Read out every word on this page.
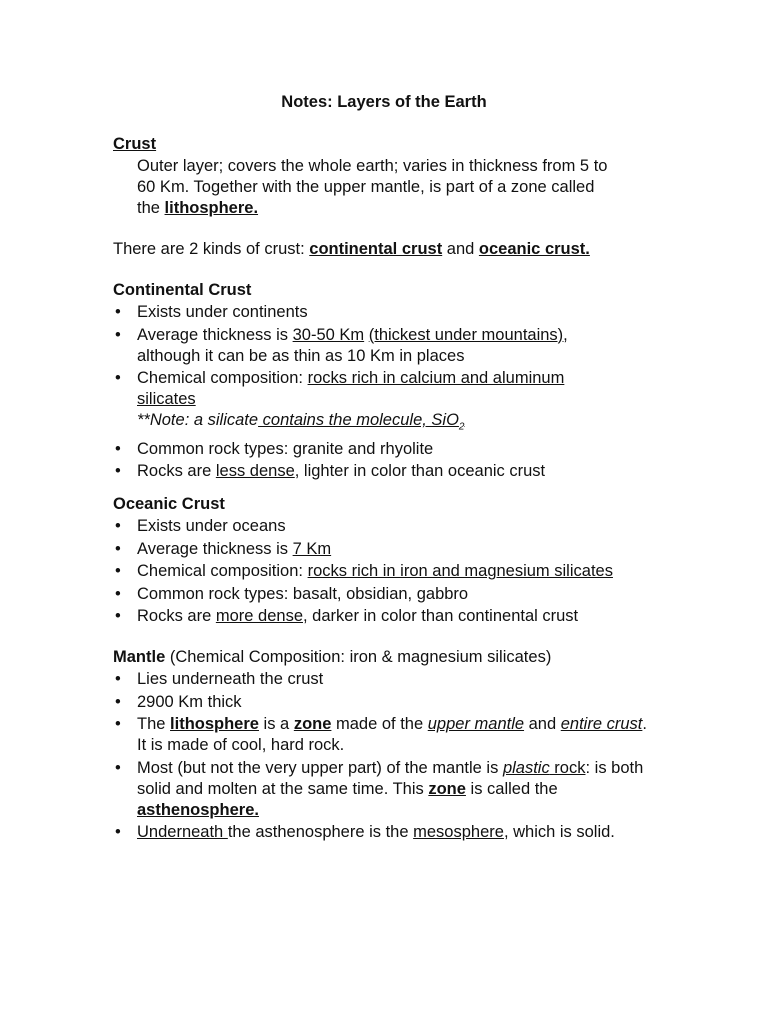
Notes: Layers of the Earth

Crust

Outer layer; covers the whole earth; varies in thickness from 5 to
60 Km. Together with the upper mantle, is part of a zone called
the lithosphere.

There are 2 kinds of crust: continental crust and oceanic crust.

Continental Crust

• Exists under continents
• Average thickness is 30-50 Km (thickest under mountains),
although it can be as thin as 10 Km in places
• Chemical composition: rocks rich in calcium and aluminum
silicates
**Note: a silicate contains the molecule, SiO$_2$
• Common rock types: granite and rhyolite
• Rocks are less dense, lighter in color than oceanic crust

Oceanic Crust

• Exists under oceans
• Average thickness is 7 Km
• Chemical composition: rocks rich in iron and magnesium silicates
• Common rock types: basalt, obsidian, gabbro
• Rocks are more dense, darker in color than continental crust

Mantle (Chemical Composition: iron & magnesium silicates)

• Lies underneath the crust
• 2900 Km thick
• The lithosphere is a zone made of the upper mantle and entire crust. It is made of cool, hard rock.
• Most (but not the very upper part) of the mantle is plastic rock: is both solid and molten at the same time. This zone is called the
asthenosphere.
• Underneath the asthenosphere is the mesosphere, which is solid.
